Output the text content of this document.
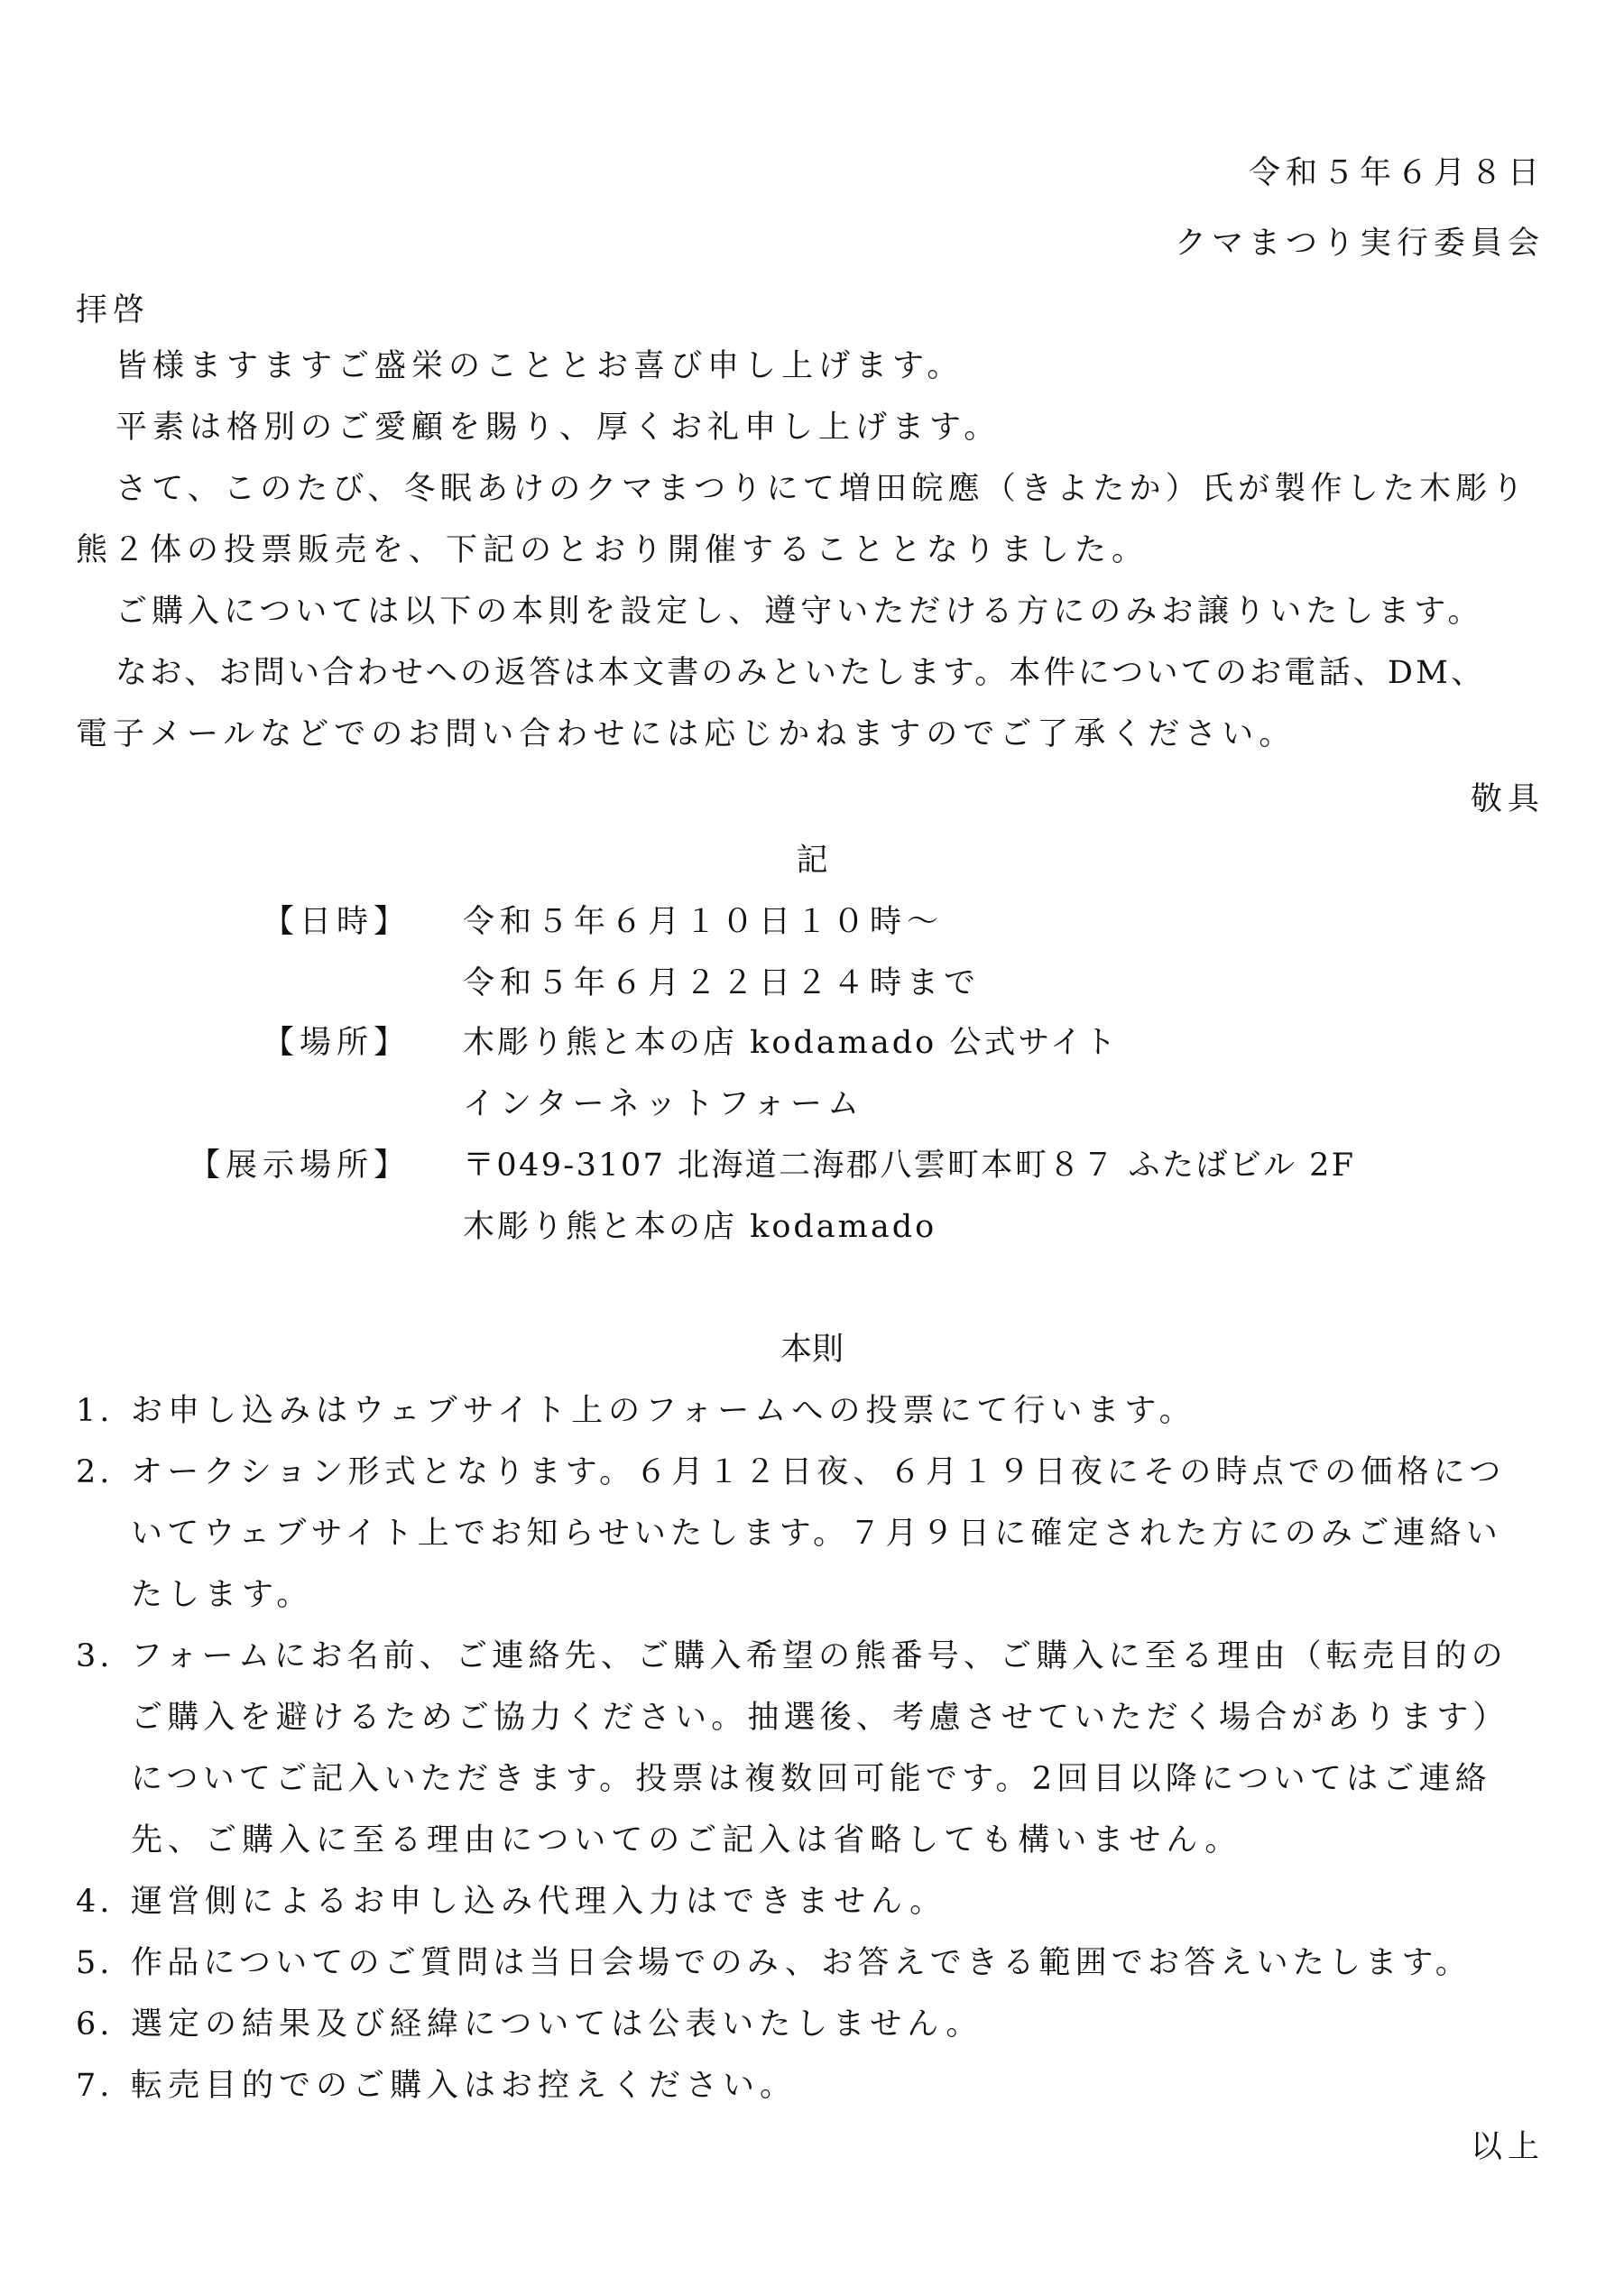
令和５年６月８日
クマまつり実行委員会
拝啓
皆様ますますご盛栄のこととお喜び申し上げます。
平素は格別のご愛顧を賜り、厚くお礼申し上げます。
さて、このたび、冬眠あけのクマまつりにて増田皖應（きよたか）氏が製作した木彫り
熊２体の投票販売を、下記のとおり開催することとなりました。
ご購入については以下の本則を設定し、遵守いただける方にのみお譲りいたします。
なお、お問い合わせへの返答は本文書のみといたします。本件についてのお電話、DM、
電子メールなどでのお問い合わせには応じかねますのでご了承ください。
敬具
記
【日時】 令和５年６月１０日１０時～
令和５年６月２２日２４時まで
【場所】 木彫り熊と本の店 kodamado 公式サイト
インターネットフォーム
【展示場所】 〒049-3107 北海道二海郡八雲町本町８７ ふたばビル 2F
木彫り熊と本の店 kodamado
本則
1. お申し込みはウェブサイト上のフォームへの投票にて行います。
2. オークション形式となります。６月１２日夜、６月１９日夜にその時点での価格につ
いてウェブサイト上でお知らせいたします。７月９日に確定された方にのみご連絡い
たします。
3. フォームにお名前、ご連絡先、ご購入希望の熊番号、ご購入に至る理由（転売目的の
ご購入を避けるためご協力ください。抽選後、考慮させていただく場合があります）
についてご記入いただきます。投票は複数回可能です。2回目以降についてはご連絡
先、ご購入に至る理由についてのご記入は省略しても構いません。
4. 運営側によるお申し込み代理入力はできません。
5. 作品についてのご質問は当日会場でのみ、お答えできる範囲でお答えいたします。
6. 選定の結果及び経緯については公表いたしません。
7. 転売目的でのご購入はお控えください。
以上
